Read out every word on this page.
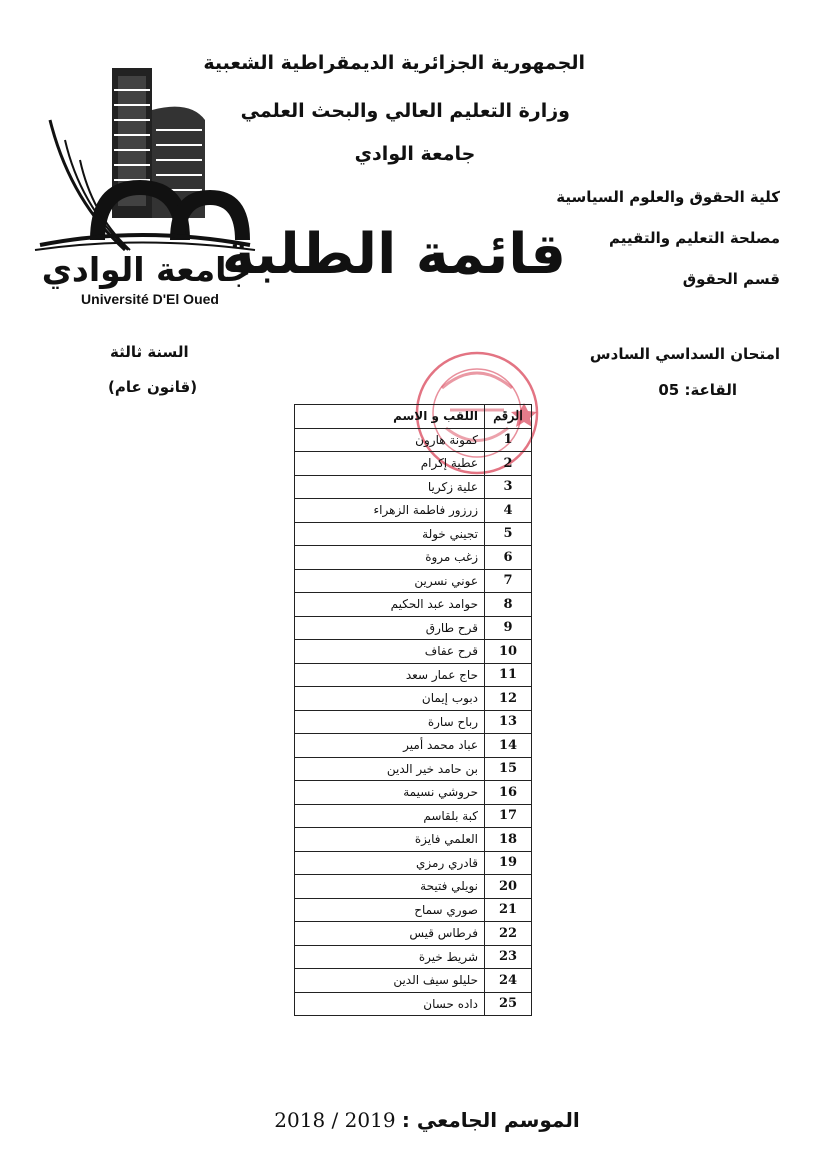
جامعة الوادي
Université D'El Oued
الجمهورية الجزائرية الديمقراطية الشعبية
وزارة التعليم العالي والبحث العلمي
جامعة الوادي
كلية الحقوق والعلوم السياسية
مصلحة التعليم والتقييم
قسم الحقوق
قائمة الطلبة
امتحان السداسي السادس
القاعة: 05
السنة ثالثة
(قانون عام)
الرقم	اللقب و الاسم
1	كمونة هارون
2	عطية إكرام
3	علية زكريا
4	زرزور فاطمة الزهراء
5	تجيني خولة
6	زغب مروة
7	عوني نسرين
8	حوامد عبد الحكيم
9	قرح طارق
10	قرح عفاف
11	حاج عمار سعد
12	دبوب إيمان
13	رباح سارة
14	عباد محمد أمير
15	بن حامد خير الدين
16	حروشي نسيمة
17	كبة بلقاسم
18	العلمي فايزة
19	قادري رمزي
20	نويلي فتيحة
21	صوري سماح
22	فرطاس قيس
23	شريط خيرة
24	حليلو سيف الدين
25	داده حسان
الموسم الجامعي : 2019 / 2018
